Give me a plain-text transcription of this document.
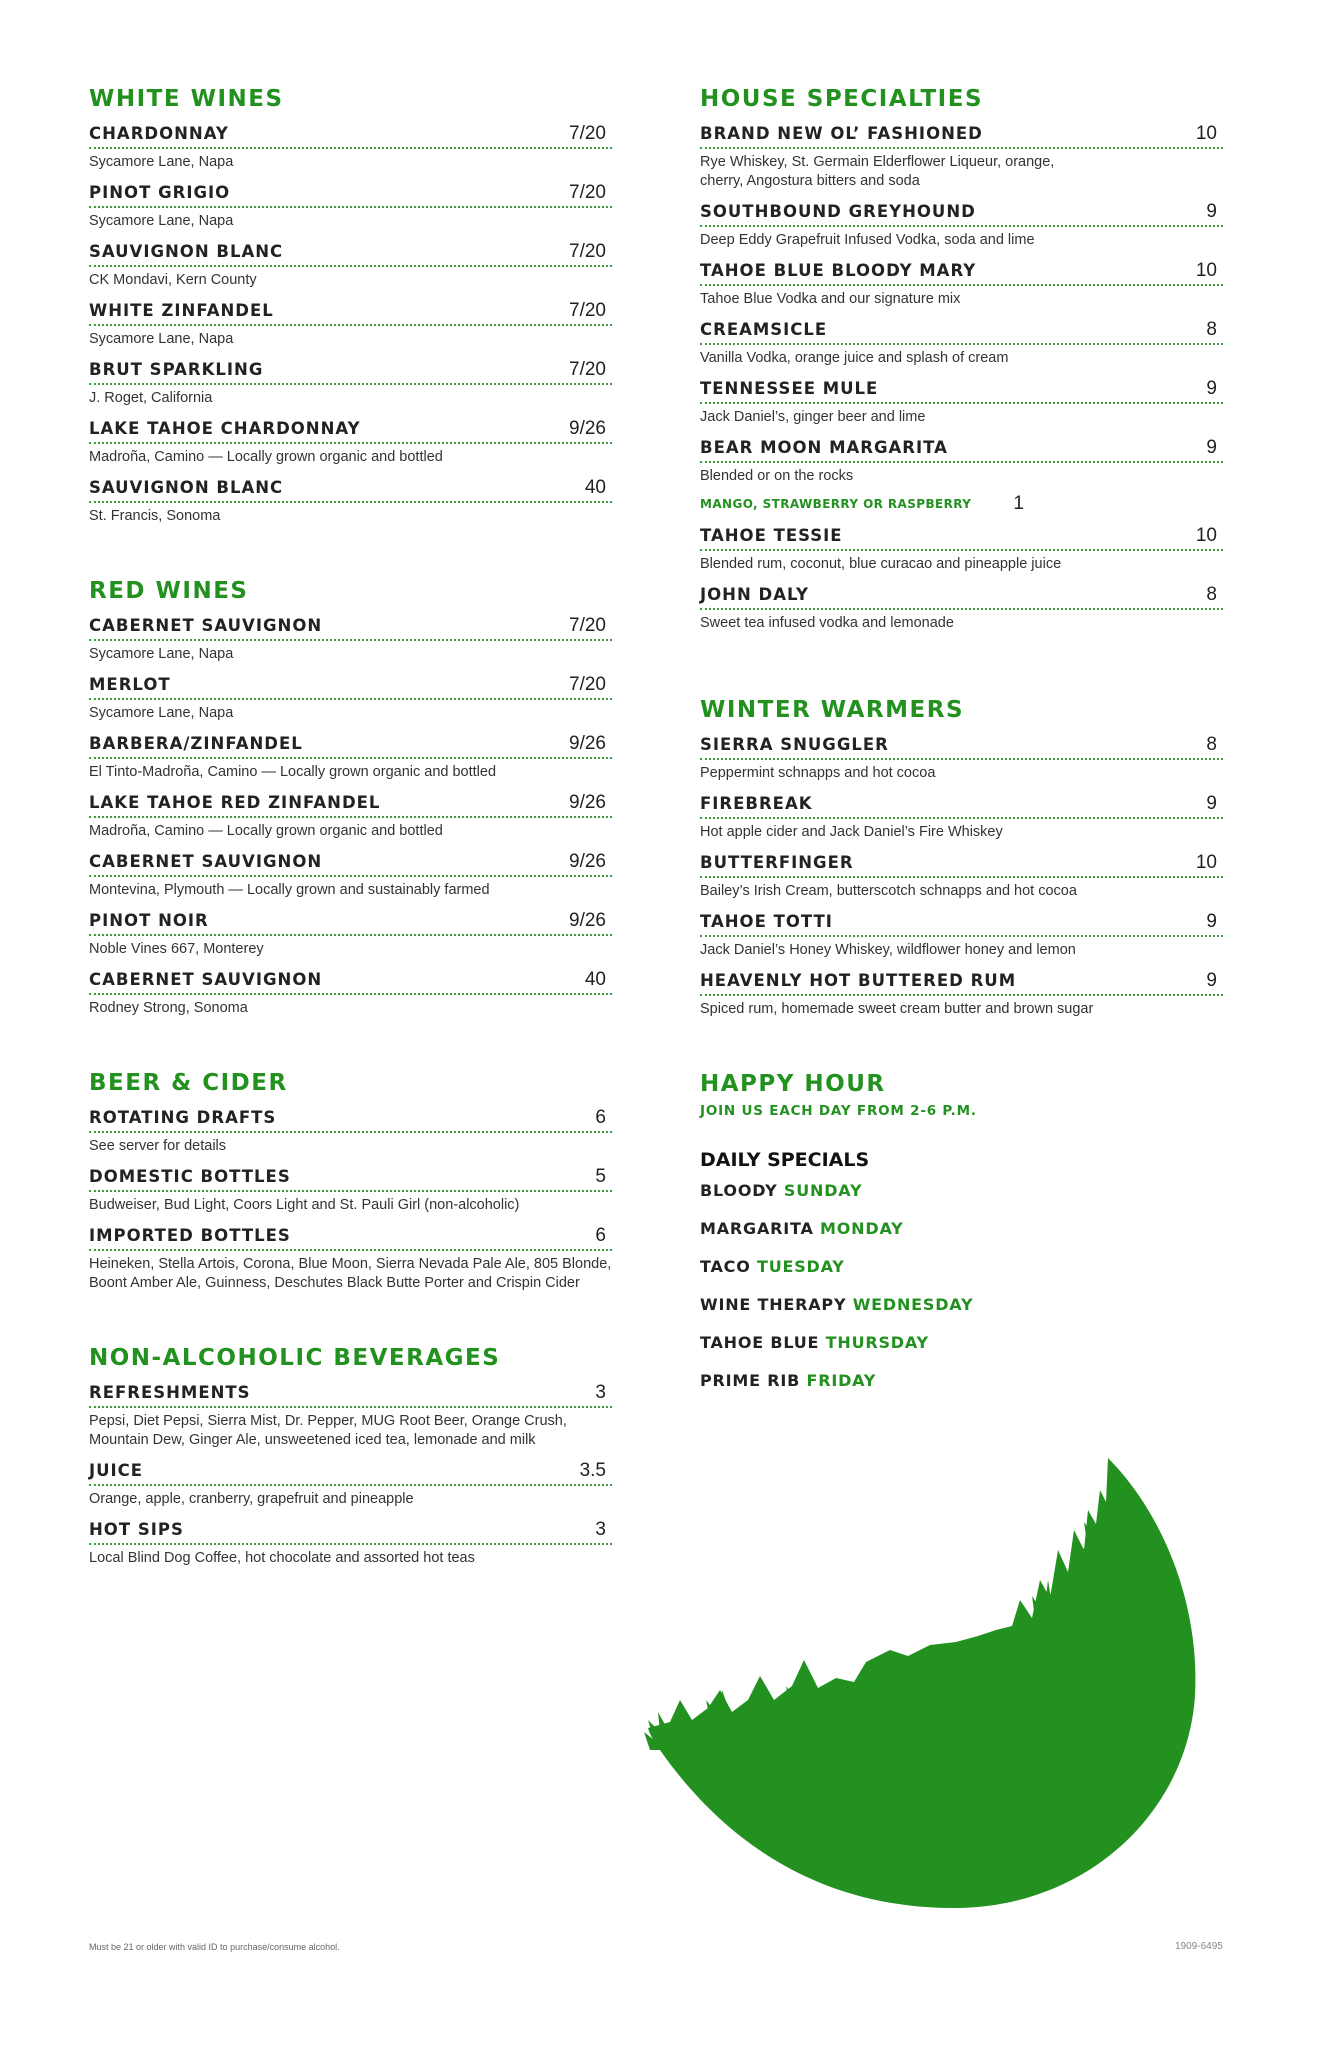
WHITE WINES
CHARDONNAY	7/20
Sycamore Lane, Napa
PINOT GRIGIO	7/20
Sycamore Lane, Napa
SAUVIGNON BLANC	7/20
CK Mondavi, Kern County
WHITE ZINFANDEL	7/20
Sycamore Lane, Napa
BRUT SPARKLING	7/20
J. Roget, California
LAKE TAHOE CHARDONNAY	9/26
Madroña, Camino — Locally grown organic and bottled
SAUVIGNON BLANC	40
St. Francis, Sonoma
RED WINES
CABERNET SAUVIGNON	7/20
Sycamore Lane, Napa
MERLOT	7/20
Sycamore Lane, Napa
BARBERA/ZINFANDEL	9/26
El Tinto-Madroña, Camino — Locally grown organic and bottled
LAKE TAHOE RED ZINFANDEL	9/26
Madroña, Camino — Locally grown organic and bottled
CABERNET SAUVIGNON	9/26
Montevina, Plymouth — Locally grown and sustainably farmed
PINOT NOIR	9/26
Noble Vines 667, Monterey
CABERNET SAUVIGNON	40
Rodney Strong, Sonoma
BEER & CIDER
ROTATING DRAFTS	6
See server for details
DOMESTIC BOTTLES	5
Budweiser, Bud Light, Coors Light and St. Pauli Girl (non-alcoholic)
IMPORTED BOTTLES	6
Heineken, Stella Artois, Corona, Blue Moon, Sierra Nevada Pale Ale, 805 Blonde, Boont Amber Ale, Guinness, Deschutes Black Butte Porter and Crispin Cider
NON-ALCOHOLIC BEVERAGES
REFRESHMENTS	3
Pepsi, Diet Pepsi, Sierra Mist, Dr. Pepper, MUG Root Beer, Orange Crush, Mountain Dew, Ginger Ale, unsweetened iced tea, lemonade and milk
JUICE	3.5
Orange, apple, cranberry, grapefruit and pineapple
HOT SIPS	3
Local Blind Dog Coffee, hot chocolate and assorted hot teas
HOUSE SPECIALTIES
BRAND NEW OL’ FASHIONED	10
Rye Whiskey, St. Germain Elderflower Liqueur, orange, cherry, Angostura bitters and soda
SOUTHBOUND GREYHOUND	9
Deep Eddy Grapefruit Infused Vodka, soda and lime
TAHOE BLUE BLOODY MARY	10
Tahoe Blue Vodka and our signature mix
CREAMSICLE	8
Vanilla Vodka, orange juice and splash of cream
TENNESSEE MULE	9
Jack Daniel’s, ginger beer and lime
BEAR MOON MARGARITA	9
Blended or on the rocks
MANGO, STRAWBERRY OR RASPBERRY 1
TAHOE TESSIE	10
Blended rum, coconut, blue curacao and pineapple juice
JOHN DALY	8
Sweet tea infused vodka and lemonade
WINTER WARMERS
SIERRA SNUGGLER	8
Peppermint schnapps and hot cocoa
FIREBREAK	9
Hot apple cider and Jack Daniel’s Fire Whiskey
BUTTERFINGER	10
Bailey’s Irish Cream, butterscotch schnapps and hot cocoa
TAHOE TOTTI	9
Jack Daniel’s Honey Whiskey, wildflower honey and lemon
HEAVENLY HOT BUTTERED RUM	9
Spiced rum, homemade sweet cream butter and brown sugar
HAPPY HOUR
JOIN US EACH DAY FROM 2-6 P.M.
DAILY SPECIALS
BLOODY SUNDAY
MARGARITA MONDAY
TACO TUESDAY
WINE THERAPY WEDNESDAY
TAHOE BLUE THURSDAY
PRIME RIB FRIDAY
Must be 21 or older with valid ID to purchase/consume alcohol.	1909-6495
